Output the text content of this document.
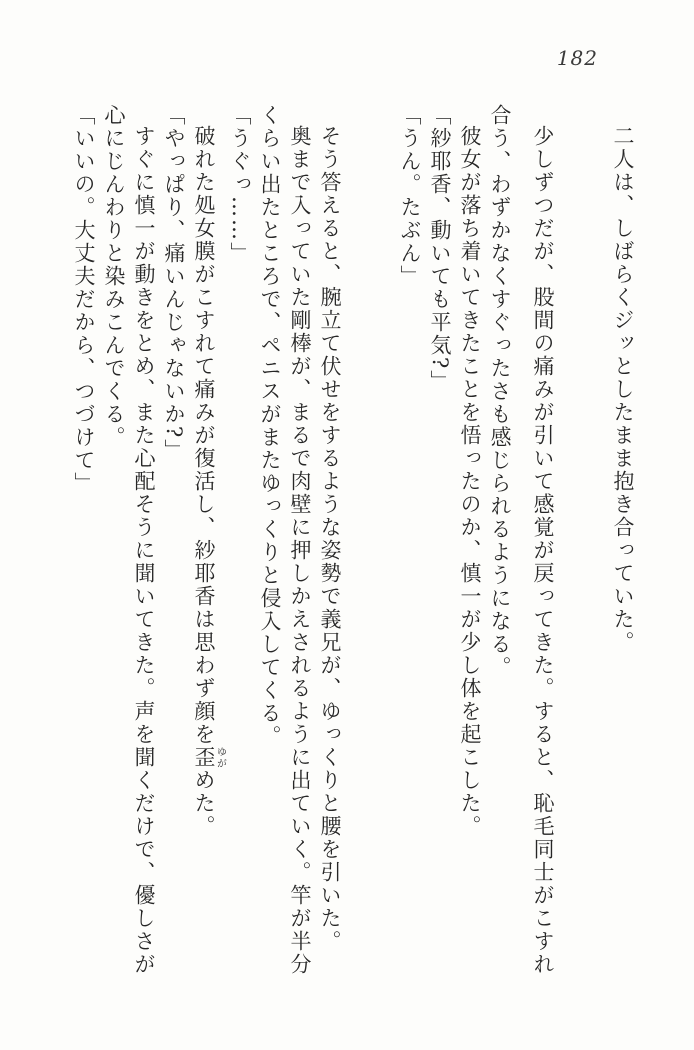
182

二人は、しばらくジッとしたまま抱き合っていた。

少しずつだが、股間の痛みが引いて感覚が戻ってきた。すると、恥毛同士がこすれ

合う、わずかなくすぐったさも感じられるようになる。

彼女が落ち着いてきたことを悟ったのか、慎一が少し体を起こした。

「紗耶香、動いても平気?」

「うん。たぶん」

そう答えると、腕立て伏せをするような姿勢で義兄が、ゆっくりと腰を引いた。

奥まで入っていた剛棒が、まるで肉壁に押しかえされるように出ていく。竿が半分

くらい出たところで、ペニスがまたゆっくりと侵入してくる。

「うぐっ……」

破れた処女膜がこすれて痛みが復活し、紗耶香は思わず顔を歪ゆがめた。

「やっぱり、痛いんじゃないか?」

すぐに慎一が動きをとめ、また心配そうに聞いてきた。声を聞くだけで、優しさが

心にじんわりと染みこんでくる。

「いいの。大丈夫だから、つづけて」
